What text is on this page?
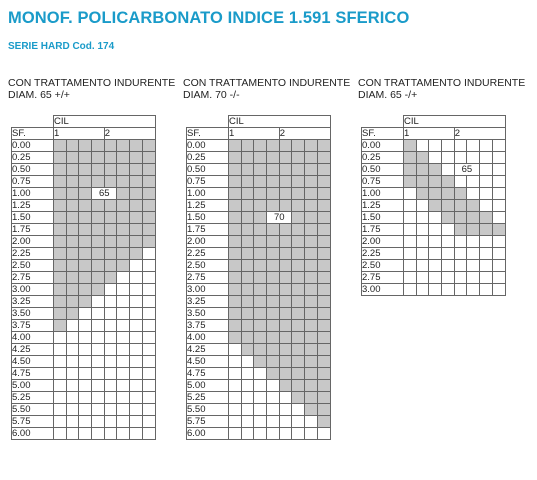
MONOF. POLICARBONATO INDICE 1.591 SFERICO
SERIE HARD Cod. 174
CON TRATTAMENTO INDURENTE
DIAM. 65 +/+
	CIL							
SF.	1				2			
0.00								
0.25								
0.50								
0.75								
1.00				65				
1.25								
1.50								
1.75								
2.00								
2.25								
2.50								
2.75								
3.00								
3.25								
3.50								
3.75								
4.00								
4.25								
4.50								
4.75								
5.00								
5.25								
5.50								
5.75								
6.00								
CON TRATTAMENTO INDURENTE
DIAM. 70 -/-
	CIL							
SF.	1				2			
0.00								
0.25								
0.50								
0.75								
1.00								
1.25								
1.50				70				
1.75								
2.00								
2.25								
2.50								
2.75								
3.00								
3.25								
3.50								
3.75								
4.00								
4.25								
4.50								
4.75								
5.00								
5.25								
5.50								
5.75								
6.00								
CON TRATTAMENTO INDURENTE
DIAM. 65 -/+
	CIL							
SF.	1				2			
0.00								
0.25								
0.50					65			
0.75								
1.00								
1.25								
1.50								
1.75								
2.00								
2.25								
2.50								
2.75								
3.00								
